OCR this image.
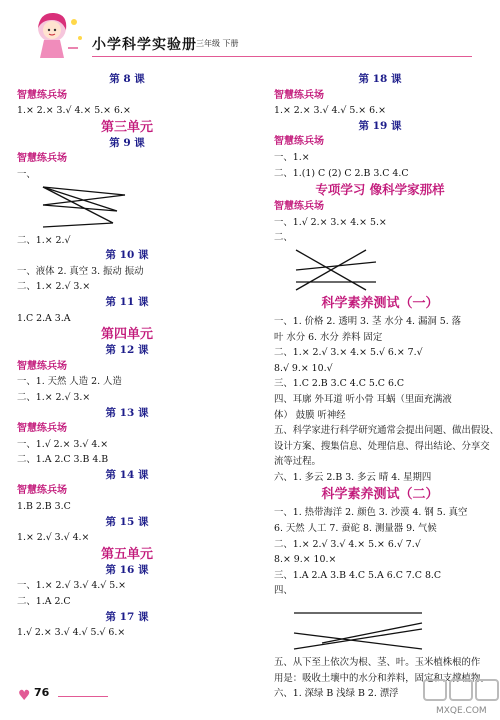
小学科学实验册 三年级 下册
第 8 课
智慧练兵场
1.× 2.× 3.√ 4.× 5.× 6.×
第三单元
第 9 课
智慧练兵场
一、
二、1.× 2.√
第 10 课
一、液体 2. 真空 3. 振动 振动
二、1.× 2.√ 3.×
第 11 课
1.C 2.A 3.A
第四单元
第 12 课
智慧练兵场
一、1. 天然 人造 2. 人造
二、1.× 2.√ 3.×
第 13 课
智慧练兵场
一、1.√ 2.× 3.√ 4.×
二、1.A 2.C 3.B 4.B
第 14 课
智慧练兵场
1.B 2.B 3.C
第 15 课
1.× 2.√ 3.√ 4.×
第五单元
第 16 课
一、1.× 2.√ 3.√ 4.√ 5.×
二、1.A 2.C
第 17 课
1.√ 2.× 3.√ 4.√ 5.√ 6.×
第 18 课
智慧练兵场
1.× 2.× 3.√ 4.√ 5.× 6.×
第 19 课
智慧练兵场
一、1.×
二、1.(1) C (2) C 2.B 3.C 4.C
专项学习 像科学家那样
智慧练兵场
一、1.√ 2.× 3.× 4.× 5.×
二、
科学素养测试（一）
一、1. 价格 2. 透明 3. 茎 水分 4. 漏洞 5. 落
叶 水分 6. 水分 养料 固定
二、1.× 2.√ 3.× 4.× 5.√ 6.× 7.√
8.√ 9.× 10.√
三、1.C 2.B 3.C 4.C 5.C 6.C
四、耳廓 外耳道 听小骨 耳蜗（里面充满液
体） 鼓膜 听神经
五、科学家进行科学研究通常会提出问题、做出假设、
设计方案、搜集信息、处理信息、得出结论、分享交
流等过程。
六、1. 多云 2.B 3. 多云 晴 4. 星期四
科学素养测试（二）
一、1. 热带海洋 2. 颜色 3. 沙漠 4. 钢 5. 真空
6. 天然 人工 7. 蚕砣 8. 测量器 9. 气候
二、1.× 2.√ 3.√ 4.× 5.× 6.√ 7.√
8.× 9.× 10.×
三、1.A 2.A 3.B 4.C 5.A 6.C 7.C 8.C
四、
五、从下至上依次为根、茎、叶。玉米植株根的作
用是：吸收土壤中的水分和养料，固定和支撑植物。
六、1. 深绿 B 浅绿 B 2. 漂浮
♥ 76
MXQE.COM
